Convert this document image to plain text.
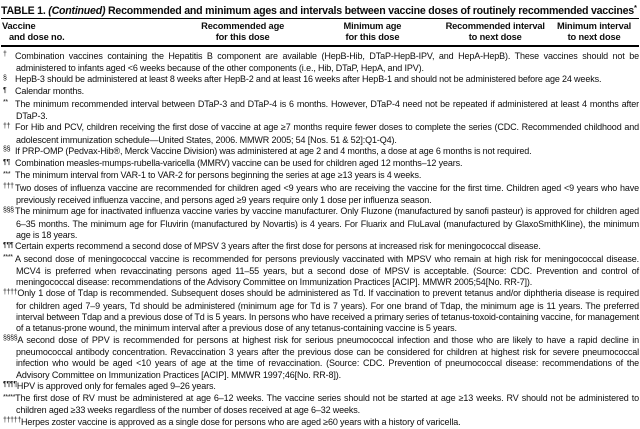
TABLE 1. (Continued) Recommended and minimum ages and intervals between vaccine doses of routinely recommended vaccines*
Vaccine
and dose no.
Recommended age
for this dose
Minimum age
for this dose
Recommended interval
to next dose
Minimum interval
to next dose
† Combination vaccines containing the Hepatitis B component are available (HepB-Hib, DTaP-HepB-IPV, and HepA-HepB). These vaccines should not be administered to infants aged <6 weeks because of the other components (i.e., Hib, DTaP, HepA, and IPV).
§ HepB-3 should be administered at least 8 weeks after HepB-2 and at least 16 weeks after HepB-1 and should not be administered before age 24 weeks.
¶ Calendar months.
** The minimum recommended interval between DTaP-3 and DTaP-4 is 6 months. However, DTaP-4 need not be repeated if administered at least 4 months after DTaP-3.
†† For Hib and PCV, children receiving the first dose of vaccine at age ≥7 months require fewer doses to complete the series (CDC. Recommended childhood and adolescent immunization schedule—United States, 2006. MMWR 2005; 54 [Nos. 51 & 52]:Q1-Q4).
§§ If PRP-OMP (Pedvax-Hib®, Merck Vaccine Division) was administered at age 2 and 4 months, a dose at age 6 months is not required.
¶¶ Combination measles-mumps-rubella-varicella (MMRV) vaccine can be used for children aged 12 months–12 years.
*** The minimum interval from VAR-1 to VAR-2 for persons beginning the series at age ≥13 years is 4 weeks.
†††Two doses of influenza vaccine are recommended for children aged <9 years who are receiving the vaccine for the first time. Children aged <9 years who have previously received influenza vaccine, and persons aged ≥9 years require only 1 dose per influenza season.
§§§The minimum age for inactivated influenza vaccine varies by vaccine manufacturer. Only Fluzone (manufactured by sanofi pasteur) is approved for children aged 6–35 months. The minimum age for Fluvirin (manufactured by Novartis) is 4 years. For Fluarix and FluLaval (manufactured by GlaxoSmithKline), the minimum age is 18 years.
¶¶¶ Certain experts recommend a second dose of MPSV 3 years after the first dose for persons at increased risk for meningococcal disease.
**** A second dose of meningococcal vaccine is recommended for persons previously vaccinated with MPSV who remain at high risk for meningococcal disease. MCV4 is preferred when revaccinating persons aged 11–55 years, but a second dose of MPSV is acceptable. (Source: CDC. Prevention and control of meningococcal disease: recommendations of the Advisory Committee on Immunization Practices [ACIP]. MMWR 2005;54[No. RR-7]).
††††Only 1 dose of Tdap is recommended. Subsequent doses should be administered as Td. If vaccination to prevent tetanus and/or diphtheria disease is required for children aged 7–9 years, Td should be administered (minimum age for Td is 7 years). For one brand of Tdap, the minimum age is 11 years. The preferred interval between Tdap and a previous dose of Td is 5 years. In persons who have received a primary series of tetanus-toxoid-containing vaccine, for management of a tetanus-prone wound, the minimum interval after a previous dose of any tetanus-containing vaccine is 5 years.
§§§§A second dose of PPV is recommended for persons at highest risk for serious pneumococcal infection and those who are likely to have a rapid decline in pneumococcal antibody concentration. Revaccination 3 years after the previous dose can be considered for children at highest risk for severe pneumococcal infection who would be aged <10 years of age at the time of revaccination. (Source: CDC. Prevention of pneumococcal disease: recommendations of the Advisory Committee on Immunization Practices [ACIP]. MMWR 1997;46[No. RR-8]).
¶¶¶¶HPV is approved only for females aged 9–26 years.
*****The first dose of RV must be administered at age 6–12 weeks. The vaccine series should not be started at age ≥13 weeks. RV should not be administered to children aged ≥33 weeks regardless of the number of doses received at age 6–32 weeks.
†††††Herpes zoster vaccine is approved as a single dose for persons who are aged ≥60 years with a history of varicella.
